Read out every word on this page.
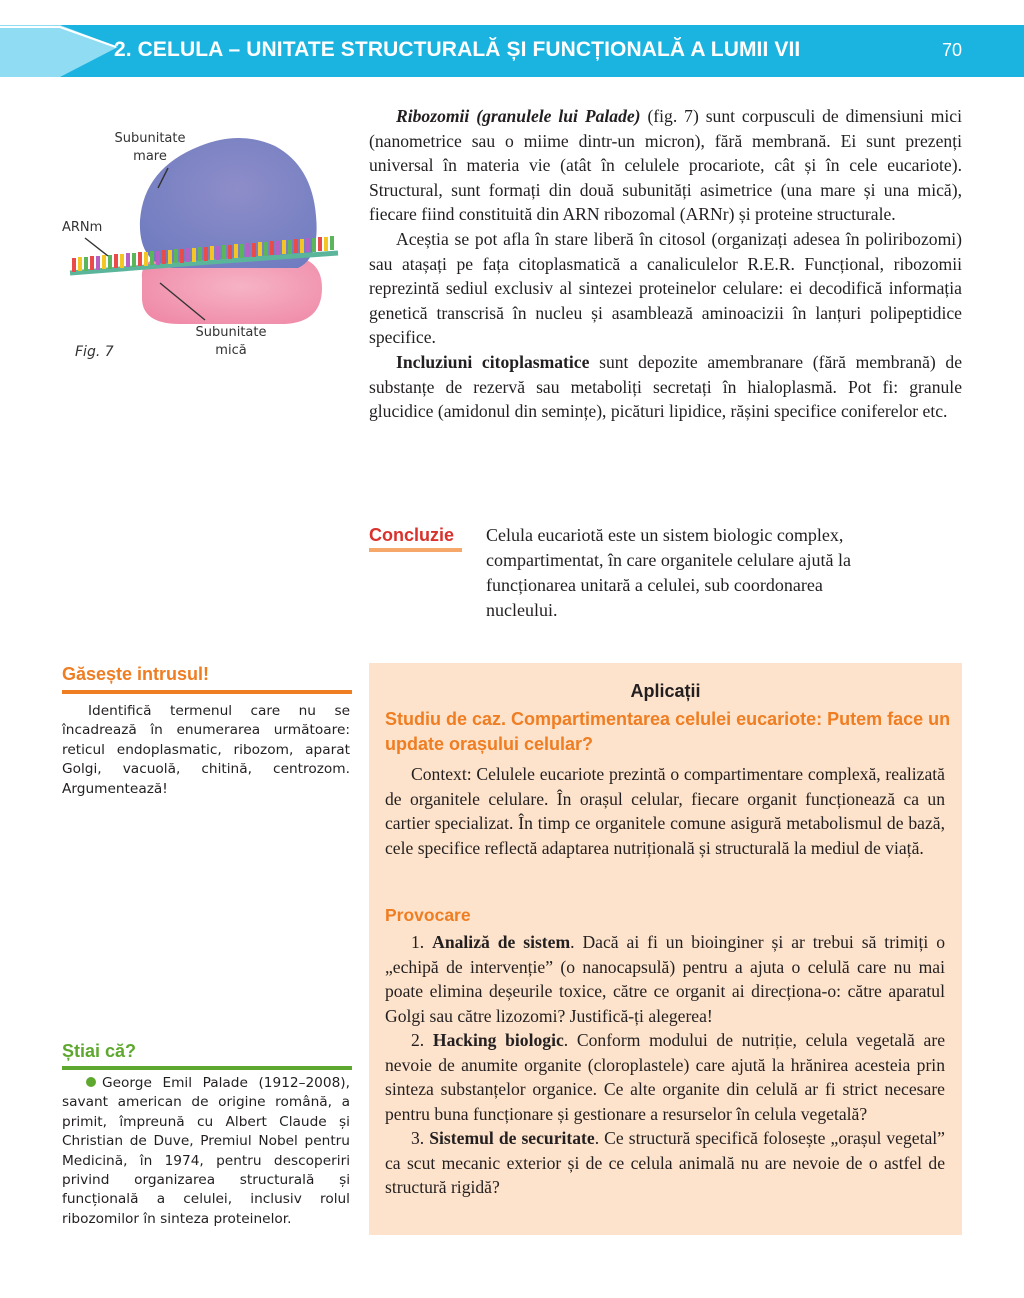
2. CELULA – UNITATE STRUCTURALĂ ȘI FUNCȚIONALĂ A LUMII VII	70
Subunitate
mare
ARNm
Subunitate
mică
Fig. 7

Ribozomii (granulele lui Palade) (fig. 7) sunt corpusculi de dimensiuni mici (nanometrice sau o miime dintr-un micron), fără membrană. Ei sunt prezenți universal în materia vie (atât în celulele procariote, cât și în cele eucariote). Structural, sunt formați din două subunități asimetrice (una mare și una mică), fiecare fiind constituită din ARN ribozomal (ARNr) și proteine structurale.

Aceștia se pot afla în stare liberă în citosol (organizați adesea în poliribozomi) sau atașați pe fața citoplasmatică a canaliculelor R.E.R. Funcțional, ribozomii reprezintă sediul exclusiv al sintezei proteinelor celulare: ei decodifică informația genetică transcrisă în nucleu și asamblează aminoacizii în lanțuri polipeptidice specifice.

Incluziuni citoplasmatice sunt depozite amembranare (fără membrană) de substanțe de rezervă sau metaboliți secretați în hialoplasmă. Pot fi: granule glucidice (amidonul din semințe), picături lipidice, rășini specifice coniferelor etc.

Concluzie Celula eucariotă este un sistem biologic complex, compartimentat, în care organitele celulare ajută la funcționarea unitară a celulei, sub coordonarea nucleului.
Găsește intrusul!
Identifică termenul care nu se încadrează în enumerarea următoare: reticul endoplasmatic, ribozom, aparat Golgi, vacuolă, chitină, centrozom. Argumentează!
Știai că?
George Emil Palade (1912–2008), savant american de origine română, a primit, împreună cu Albert Claude și Christian de Duve, Premiul Nobel pentru Medicină, în 1974, pentru descoperiri privind organizarea structurală și funcțională a celulei, inclusiv rolul ribozomilor în sinteza proteinelor.
Aplicații
Studiu de caz. Compartimentarea celulei eucariote: Putem face un update orașului celular?
Context: Celulele eucariote prezintă o compartimentare complexă, realizată de organitele celulare. În orașul celular, fiecare organit funcționează ca un cartier specializat. În timp ce organitele comune asigură metabolismul de bază, cele specifice reflectă adaptarea nutrițională și structurală la mediul de viață.
Provocare

1. Analiză de sistem. Dacă ai fi un bioinginer și ar trebui să trimiți o „echipă de intervenție” (o nanocapsulă) pentru a ajuta o celulă care nu mai poate elimina deșeurile toxice, către ce organit ai direcționa-o: către aparatul Golgi sau către lizozomi? Justifică-ți alegerea!

2. Hacking biologic. Conform modului de nutriție, celula vegetală are nevoie de anumite organite (cloroplastele) care ajută la hrănirea acesteia prin sinteza substanțelor organice. Ce alte organite din celulă ar fi strict necesare pentru buna funcționare și gestionare a resurselor în celula vegetală?

3. Sistemul de securitate. Ce structură specifică folosește „orașul vegetal” ca scut mecanic exterior și de ce celula animală nu are nevoie de o astfel de structură rigidă?
